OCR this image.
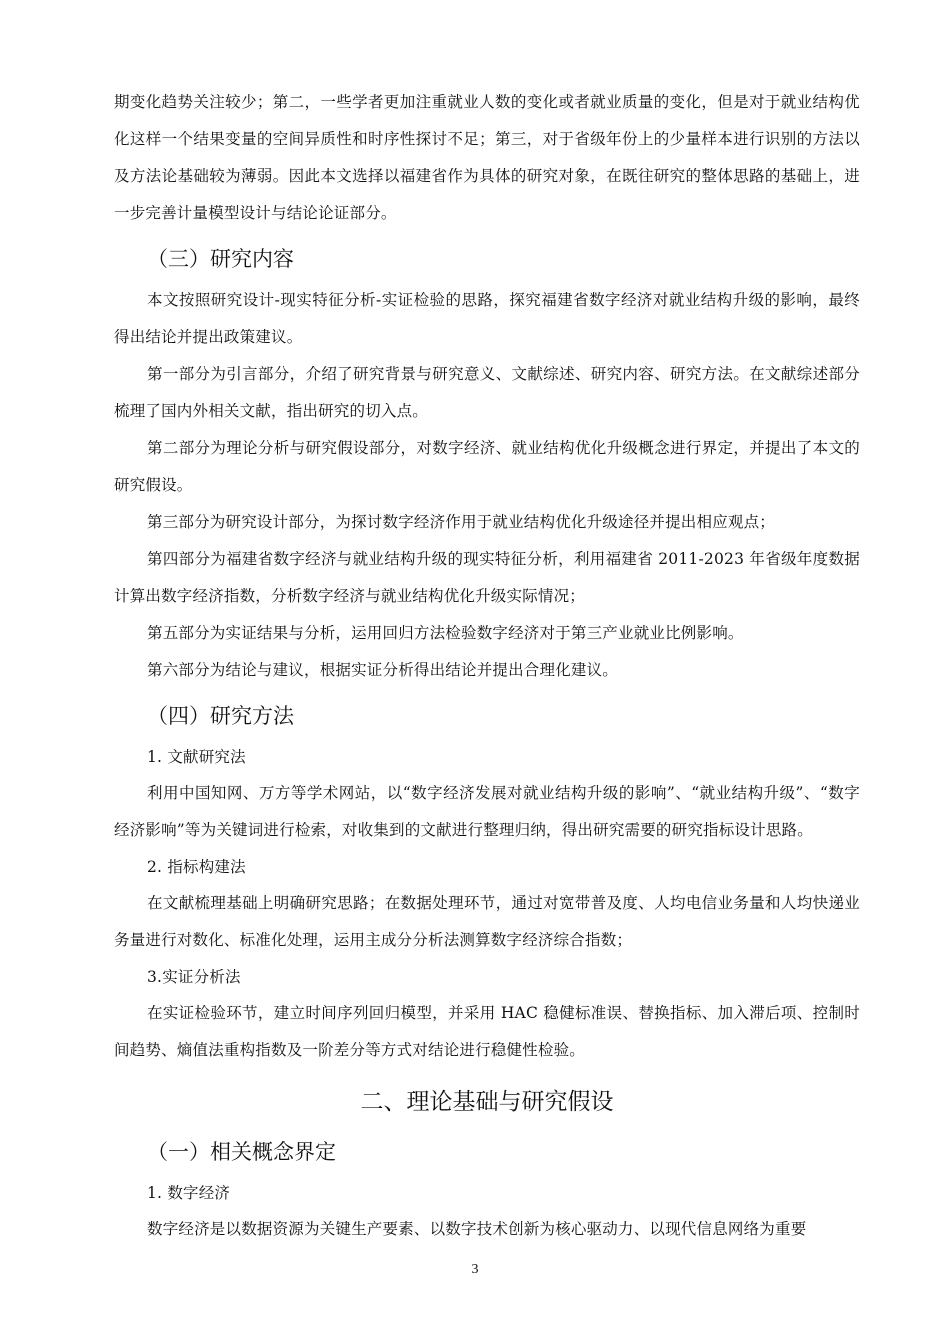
期变化趋势关注较少；第二，一些学者更加注重就业人数的变化或者就业质量的变化，但是对于就业结构优化这样一个结果变量的空间异质性和时序性探讨不足；第三，对于省级年份上的少量样本进行识别的方法以及方法论基础较为薄弱。因此本文选择以福建省作为具体的研究对象，在既往研究的整体思路的基础上，进一步完善计量模型设计与结论论证部分。

（三）研究内容

本文按照研究设计-现实特征分析-实证检验的思路，探究福建省数字经济对就业结构升级的影响，最终得出结论并提出政策建议。

第一部分为引言部分，介绍了研究背景与研究意义、文献综述、研究内容、研究方法。在文献综述部分梳理了国内外相关文献，指出研究的切入点。

第二部分为理论分析与研究假设部分，对数字经济、就业结构优化升级概念进行界定，并提出了本文的研究假设。

第三部分为研究设计部分，为探讨数字经济作用于就业结构优化升级途径并提出相应观点；

第四部分为福建省数字经济与就业结构升级的现实特征分析，利用福建省 2011-2023 年省级年度数据计算出数字经济指数，分析数字经济与就业结构优化升级实际情况；

第五部分为实证结果与分析，运用回归方法检验数字经济对于第三产业就业比例影响。

第六部分为结论与建议，根据实证分析得出结论并提出合理化建议。

（四）研究方法

1. 文献研究法

利用中国知网、万方等学术网站，以“数字经济发展对就业结构升级的影响”、“就业结构升级”、“数字经济影响”等为关键词进行检索，对收集到的文献进行整理归纳，得出研究需要的研究指标设计思路。

2. 指标构建法

在文献梳理基础上明确研究思路；在数据处理环节，通过对宽带普及度、人均电信业务量和人均快递业务量进行对数化、标准化处理，运用主成分分析法测算数字经济综合指数；

3.实证分析法

在实证检验环节，建立时间序列回归模型，并采用 HAC 稳健标准误、替换指标、加入滞后项、控制时间趋势、熵值法重构指数及一阶差分等方式对结论进行稳健性检验。

二、理论基础与研究假设
（一）相关概念界定

1. 数字经济

数字经济是以数据资源为关键生产要素、以数字技术创新为核心驱动力、以现代信息网络为重要

3
